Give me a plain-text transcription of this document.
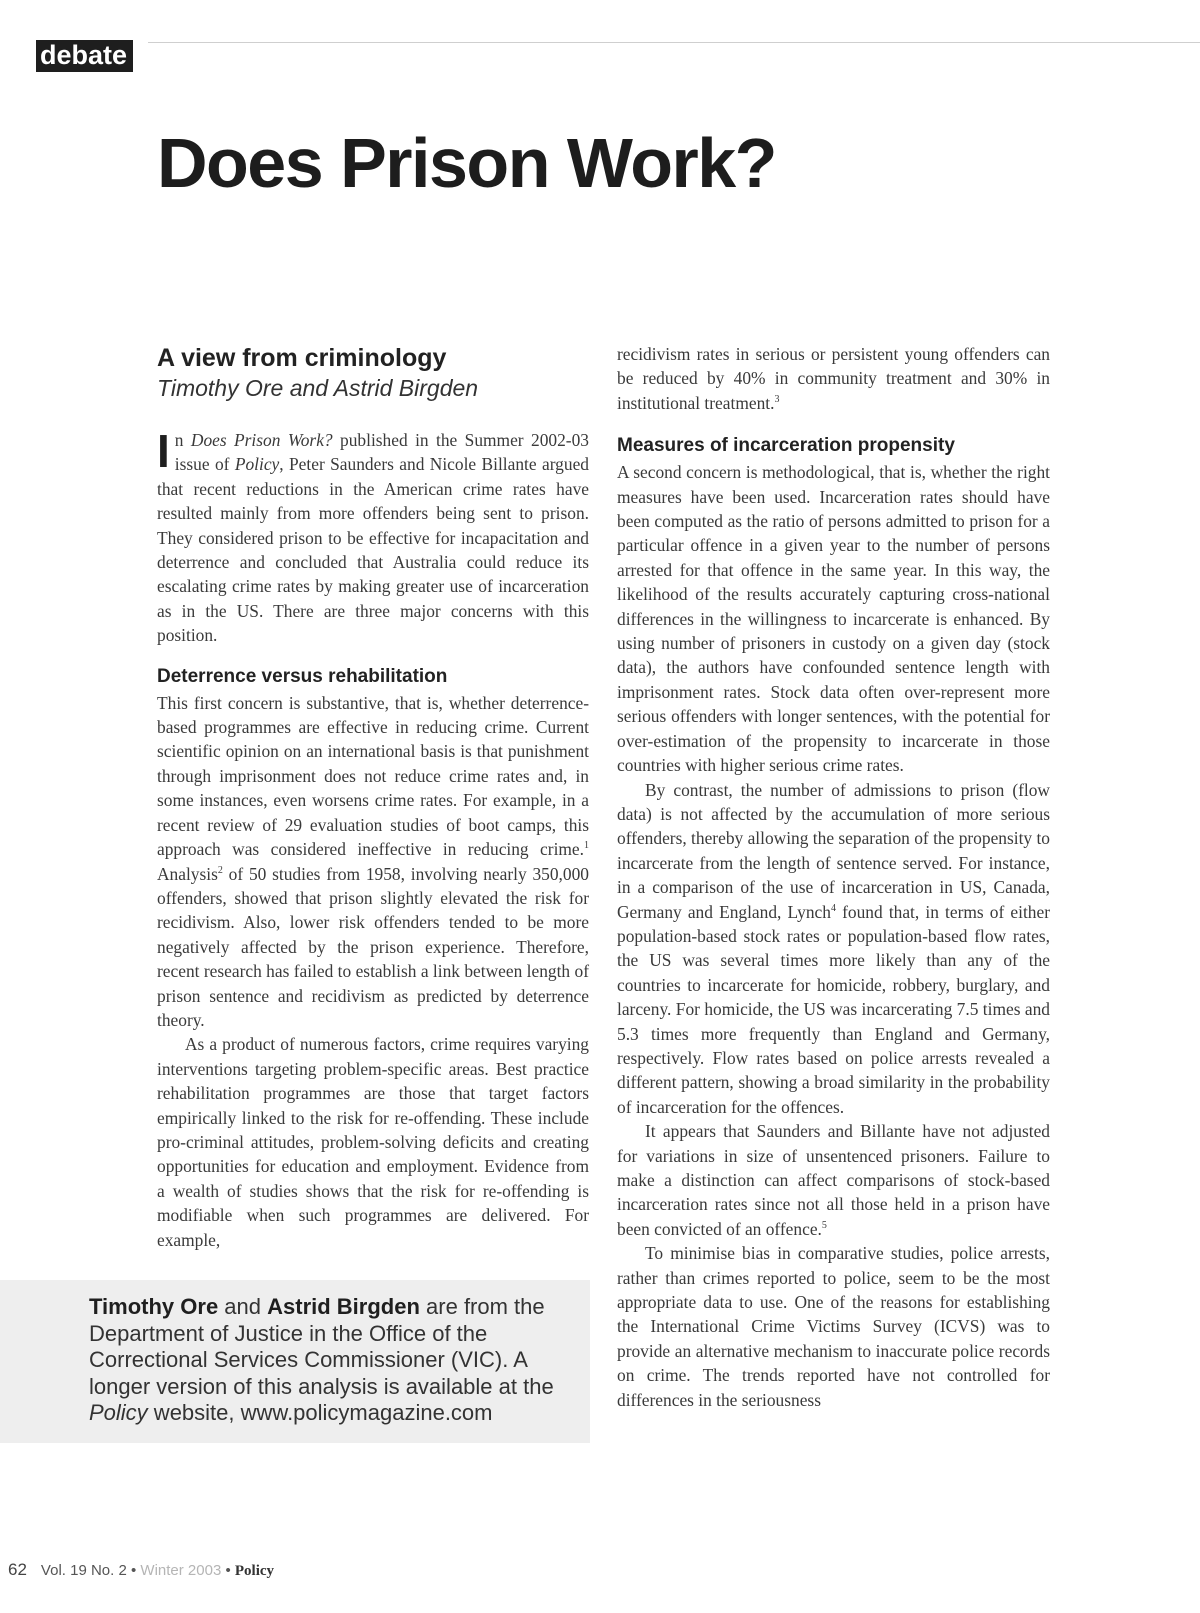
debate
Does Prison Work?
A view from criminology

Timothy Ore and Astrid Birgden

In Does Prison Work? published in the Summer 2002-03 issue of Policy, Peter Saunders and Nicole Billante argued that recent reductions in the American crime rates have resulted mainly from more offenders being sent to prison. They considered prison to be effective for incapacitation and deterrence and concluded that Australia could reduce its escalating crime rates by making greater use of incarceration as in the US. There are three major concerns with this position.

Deterrence versus rehabilitation

This first concern is substantive, that is, whether deterrence-based programmes are effective in reducing crime. Current scientific opinion on an international basis is that punishment through imprisonment does not reduce crime rates and, in some instances, even worsens crime rates. For example, in a recent review of 29 evaluation studies of boot camps, this approach was considered ineffective in reducing crime.$^1$ Analysis$^2$ of 50 studies from 1958, involving nearly 350,000 offenders, showed that prison slightly elevated the risk for recidivism. Also, lower risk offenders tended to be more negatively affected by the prison experience. Therefore, recent research has failed to establish a link between length of prison sentence and recidivism as predicted by deterrence theory.

As a product of numerous factors, crime requires varying interventions targeting problem-specific areas. Best practice rehabilitation programmes are those that target factors empirically linked to the risk for re-offending. These include pro-criminal attitudes, problem-solving deficits and creating opportunities for education and employment. Evidence from a wealth of studies shows that the risk for re-offending is modifiable when such programmes are delivered. For example,

recidivism rates in serious or persistent young offenders can be reduced by 40% in community treatment and 30% in institutional treatment.$^3$

Measures of incarceration propensity

A second concern is methodological, that is, whether the right measures have been used. Incarceration rates should have been computed as the ratio of persons admitted to prison for a particular offence in a given year to the number of persons arrested for that offence in the same year. In this way, the likelihood of the results accurately capturing cross-national differences in the willingness to incarcerate is enhanced. By using number of prisoners in custody on a given day (stock data), the authors have confounded sentence length with imprisonment rates. Stock data often over-represent more serious offenders with longer sentences, with the potential for over-estimation of the propensity to incarcerate in those countries with higher serious crime rates.

By contrast, the number of admissions to prison (flow data) is not affected by the accumulation of more serious offenders, thereby allowing the separation of the propensity to incarcerate from the length of sentence served. For instance, in a comparison of the use of incarceration in US, Canada, Germany and England, Lynch$^4$ found that, in terms of either population-based stock rates or population-based flow rates, the US was several times more likely than any of the countries to incarcerate for homicide, robbery, burglary, and larceny. For homicide, the US was incarcerating 7.5 times and 5.3 times more frequently than England and Germany, respectively. Flow rates based on police arrests revealed a different pattern, showing a broad similarity in the probability of incarceration for the offences.

It appears that Saunders and Billante have not adjusted for variations in size of unsentenced prisoners. Failure to make a distinction can affect comparisons of stock-based incarceration rates since not all those held in a prison have been convicted of an offence.$^5$

To minimise bias in comparative studies, police arrests, rather than crimes reported to police, seem to be the most appropriate data to use. One of the reasons for establishing the International Crime Victims Survey (ICVS) was to provide an alternative mechanism to inaccurate police records on crime. The trends reported have not controlled for differences in the seriousness

Timothy Ore and Astrid Birgden are from the Department of Justice in the Office of the Correctional Services Commissioner (VIC). A longer version of this analysis is available at the Policy website, www.policymagazine.com

62 Vol. 19 No. 2 • Winter 2003 • Policy
